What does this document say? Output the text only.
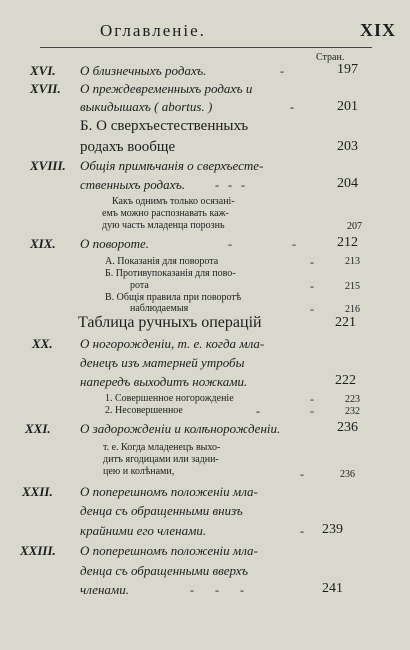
Оглавленiе.	XIX
Стран.
XVI. О близнечныхъ родахъ.	-	197
XVII. О преждевременныхъ родахъ и
выкидышахъ ( abortus. )	-	201
Б. О сверхъестественныхъ
родахъ вообще	203
XVIII. Общiя примѣчанiя о сверхъесте-
ственныхъ родахъ. -   -   -	204
Какъ однимъ только осязанi-
емъ можно распознавать каж-
дую часть младенца порознь	207
XIX. О повороте.	-	-	212
А. Показанiя для поворота	-	213
Б. Противупоказанiя для пово-
рота	-	215
В. Общiя правила при поворотѣ
наблюдаемыя	-	216
Таблица ручныхъ операцiй	221
XX. О ногорожденiи, т. е. когда мла-
денецъ изъ матерней утробы
напередъ выходитъ ножками.	222
1. Совершенное ногорожденiе	-	223
2. Несовершенное	-	-	232
XXI. О задорожденiи и колѣнорожденiи.	236
т. е. Когда младенецъ выхо-
дитъ ягодицами или задни-
цею и колѣнами,	-	236
XXII. О поперешномъ положенiи мла-
денца съ обращенными внизъ
крайними его членами.	- 239
XXIII. О поперешномъ положенiи мла-
денца съ обращенными вверхъ
членами.	-       -       -	241
